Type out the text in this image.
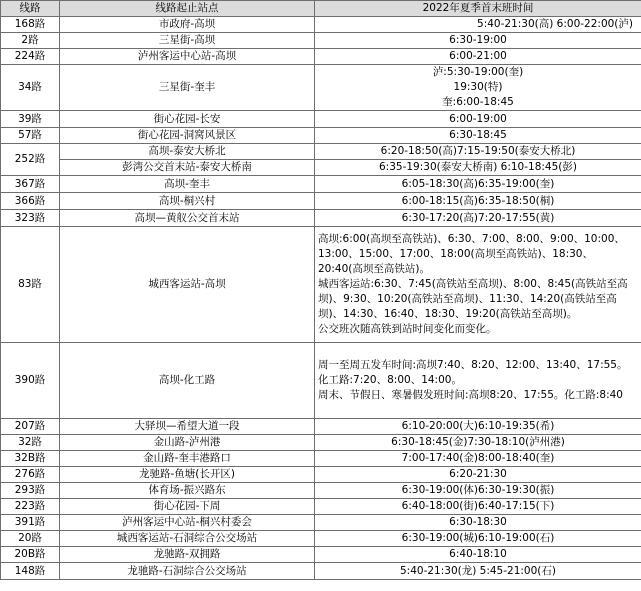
线路	线路起止站点	2022年夏季首末班时间
168路	市政府-高坝	5:40-21:30(高) 6:00-22:00(泸)
2路	三星街-高坝	6:30-19:00
224路	泸州客运中心站-高坝	6:00-21:00
34路	三星街-奎丰	泸:5:30-19:00(奎)
19:30(特)
奎:6:00-18:45

39路	街心花园-长安	6:00-19:00
57路	街心花园-洞窝风景区	6:30-18:45
252路	高坝-泰安大桥北	6:20-18:50(高)7:15-19:50(泰安大桥北)
	彭湾公交首末站-泰安大桥南	6:35-19:30(泰安大桥南) 6:10-18:45(彭)
367路	高坝-奎丰	6:05-18:30(高)6:35-19:00(奎)
366路	高坝-桐兴村	6:00-18:15(高)6:35-18:50(桐)
323路	高坝—黄舣公交首末站	6:30-17:20(高)7:20-17:55(黄)
83路	城西客运站-高坝	高坝:6:00(高坝至高铁站)、6:30、7:00、8:00、9:00、10:00、13:00、15:00、17:00、18:00(高坝至高铁站)、18:30、20:40(高坝至高铁站)。
城西客运站:6:30、7:45(高铁站至高坝)、8:00、8:45(高铁站至高坝)、9:30、10:20(高铁站至高坝)、11:30、14:20(高铁站至高坝)、14:30、16:40、18:30、19:20(高铁站至高坝)。
公交班次随高铁到站时间变化而变化。

390路	高坝-化工路	周一至周五发车时间:高坝7:40、8:20、12:00、13:40、17:55。化工路:7:20、8:00、14:00。
周末、节假日、寒暑假发班时间:高坝8:20、17:55。化工路:8:40

207路	大驿坝—希望大道一段	6:10-20:00(大)6:10-19:35(希)
32路	金山路-泸州港	6:30-18:45(金)7:30-18:10(泸州港)
32B路	金山路-奎丰港路口	7:00-17:40(金)8:00-18:40(奎)
276路	龙驰路-鱼塘(长开区)	6:20-21:30
293路	体育场-振兴路东	6:30-19:00(体)6:30-19:30(振)
223路	街心花园-下周	6:40-18:00(街)6:40-17:15(下)
391路	泸州客运中心站-桐兴村委会	6:30-18:30
20路	城西客运站-石洞综合公交场站	6:30-19:00(城)6:10-19:00(石)
20B路	龙驰路-双拥路	6:40-18:10
148路	龙驰路-石洞综合公交场站	5:40-21:30(龙) 5:45-21:00(石)
